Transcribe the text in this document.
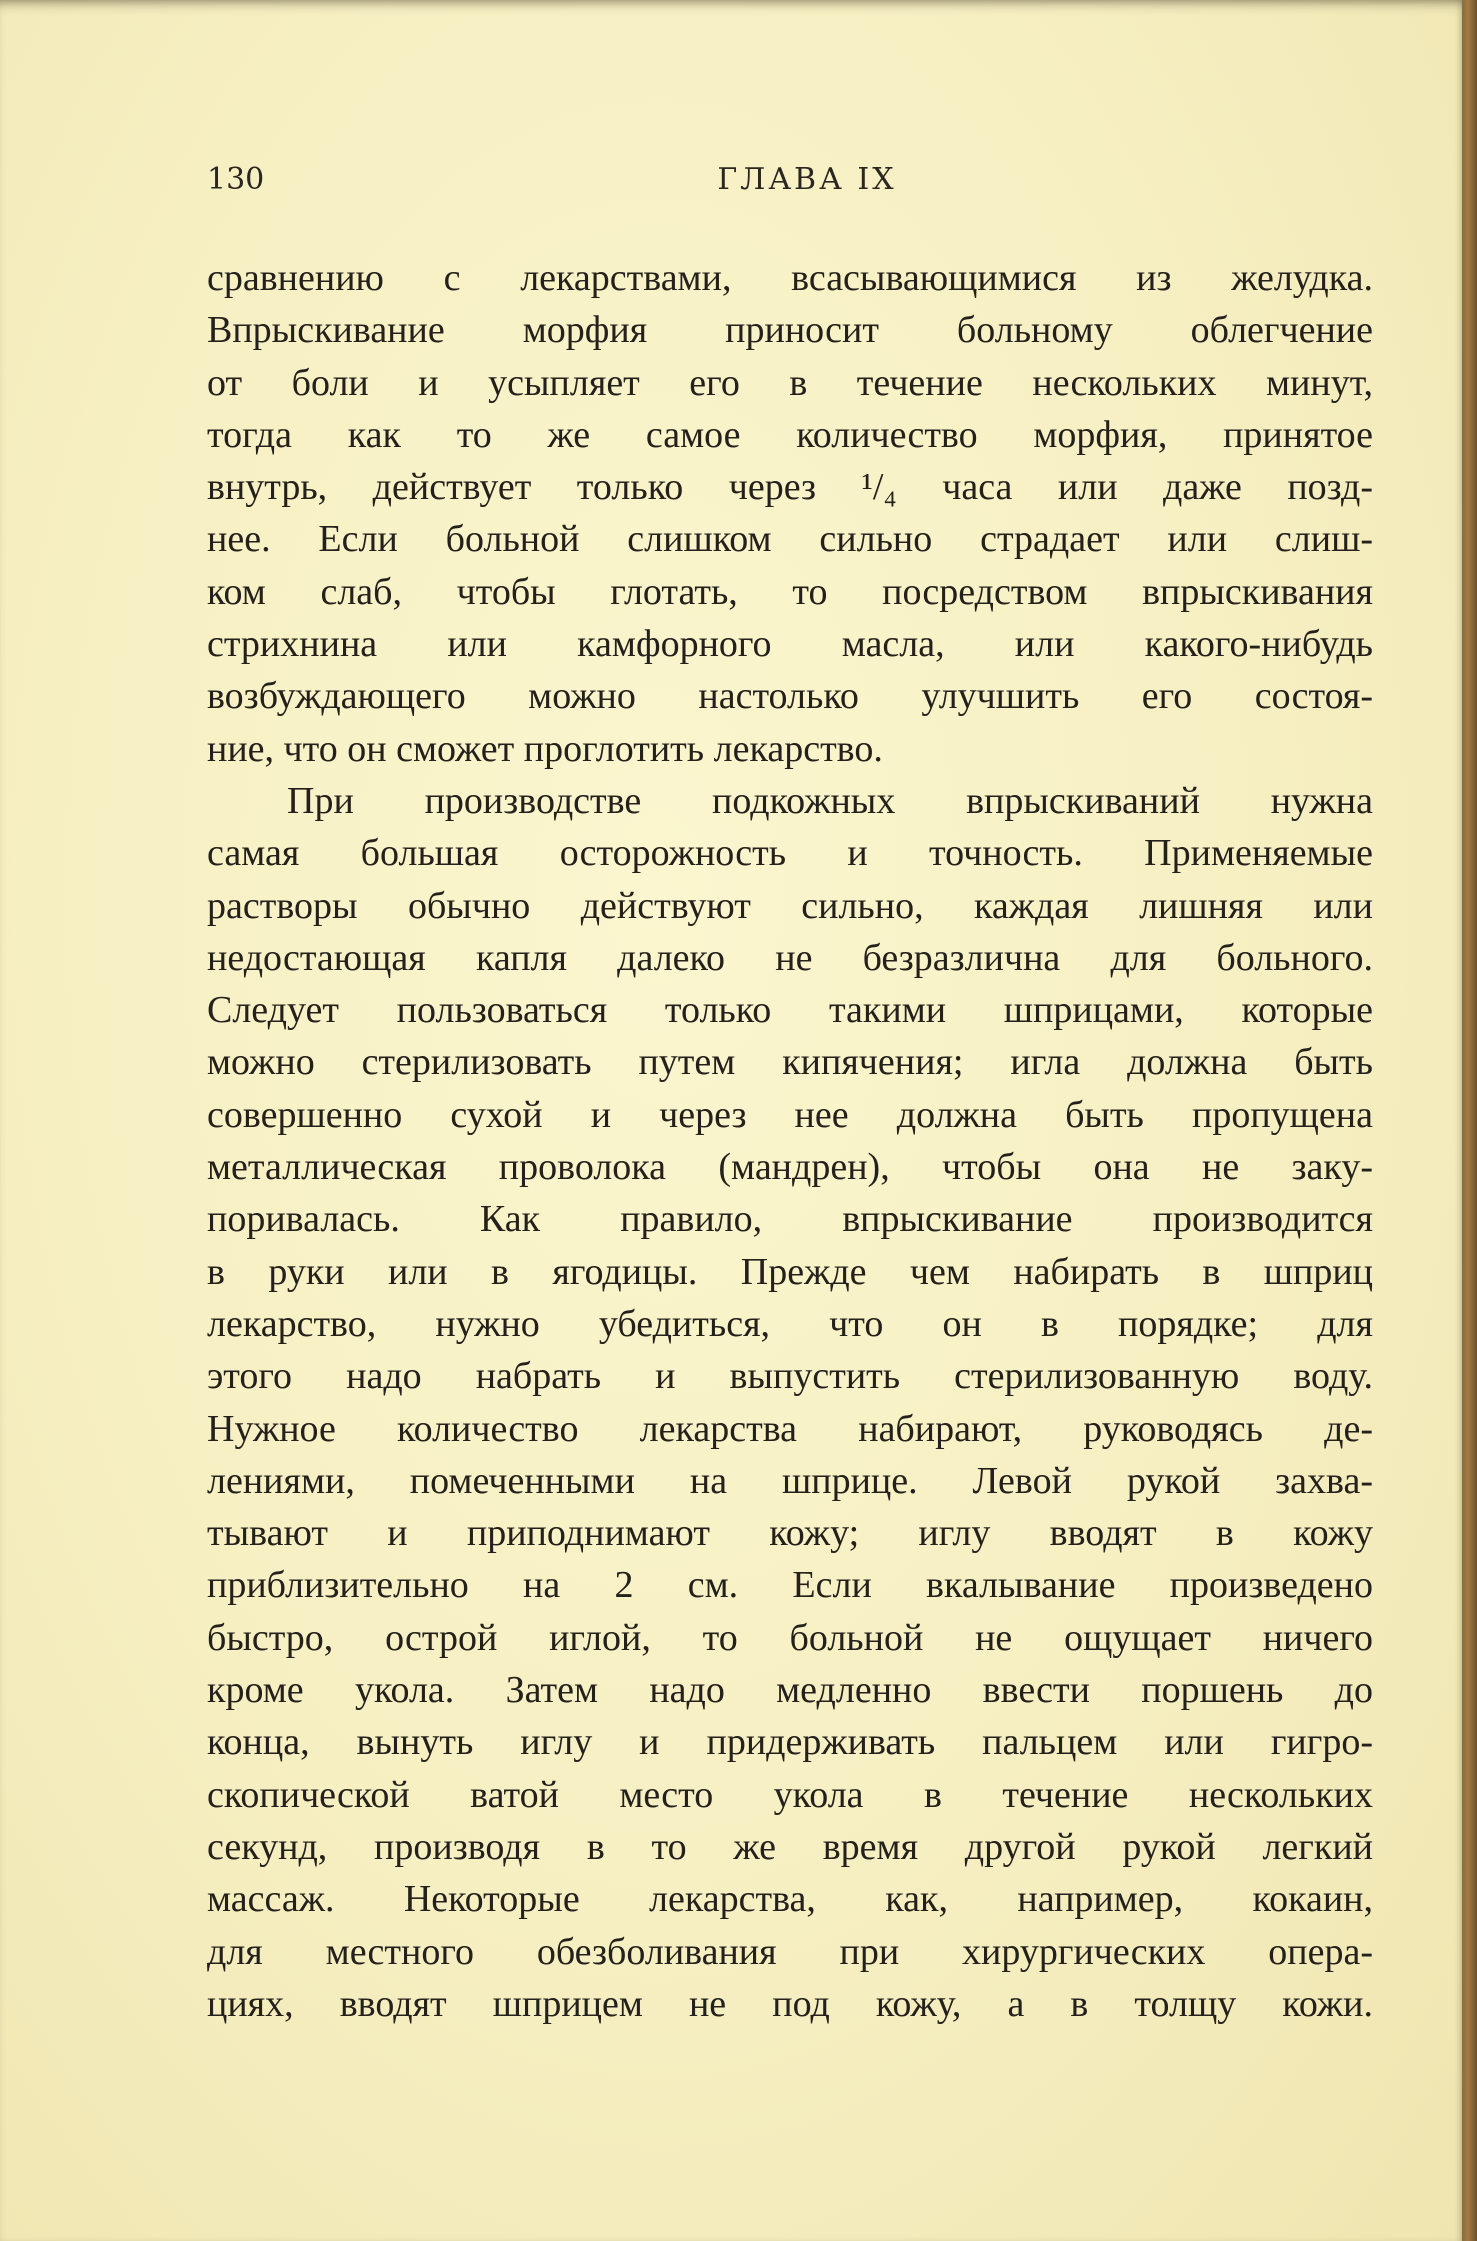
130	ГЛАВА IX
сравнению с лекарствами, всасывающимися из желудка.
Впрыскивание морфия приносит больному облегчение
от боли и усыпляет его в течение нескольких минут,
тогда как то же самое количество морфия, принятое
внутрь, действует только через ¹/₄ часа или даже позд-
нее. Если больной слишком сильно страдает или слиш-
ком слаб, чтобы глотать, то посредством впрыскивания
стрихнина или камфорного масла, или какого-нибудь
возбуждающего можно настолько улучшить его состоя-
ние, что он сможет проглотить лекарство.
При производстве подкожных впрыскиваний нужна
самая большая осторожность и точность. Применяемые
растворы обычно действуют сильно, каждая лишняя или
недостающая капля далеко не безразлична для больного.
Следует пользоваться только такими шприцами, которые
можно стерилизовать путем кипячения; игла должна быть
совершенно сухой и через нее должна быть пропущена
металлическая проволока (мандрен), чтобы она не заку-
поривалась. Как правило, впрыскивание производится
в руки или в ягодицы. Прежде чем набирать в шприц
лекарство, нужно убедиться, что он в порядке; для
этого надо набрать и выпустить стерилизованную воду.
Нужное количество лекарства набирают, руководясь де-
лениями, помеченными на шприце. Левой рукой захва-
тывают и приподнимают кожу; иглу вводят в кожу
приблизительно на 2 см. Если вкалывание произведено
быстро, острой иглой, то больной не ощущает ничего
кроме укола. Затем надо медленно ввести поршень до
конца, вынуть иглу и придерживать пальцем или гигро-
скопической ватой место укола в течение нескольких
секунд, производя в то же время другой рукой легкий
массаж. Некоторые лекарства, как, например, кокаин,
для местного обезболивания при хирургических опера-
циях, вводят шприцем не под кожу, а в толщу кожи.
